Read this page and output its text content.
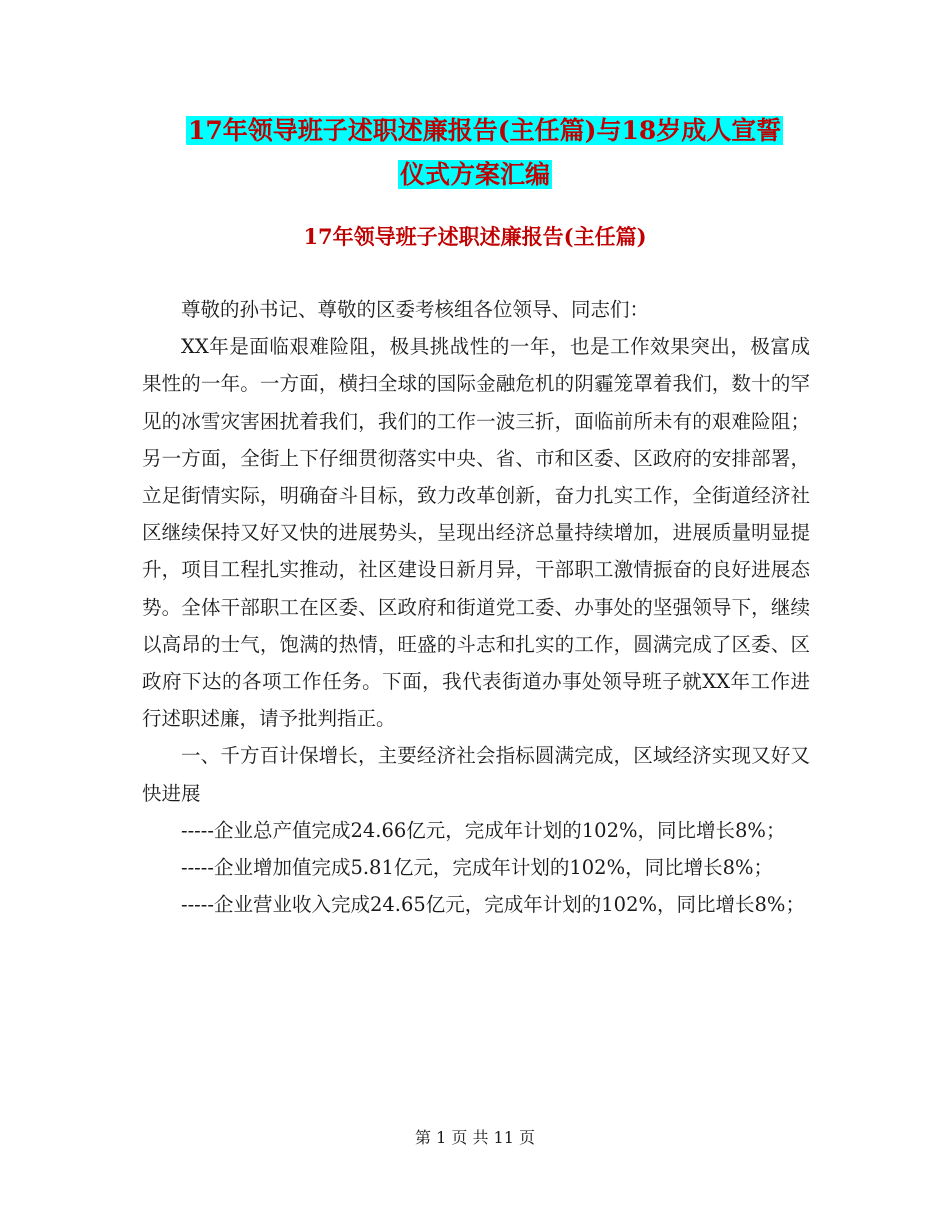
17年领导班子述职述廉报告(主任篇)与18岁成人宣誓
仪式方案汇编
17年领导班子述职述廉报告(主任篇)

尊敬的孙书记、尊敬的区委考核组各位领导、同志们：

XX年是面临艰难险阻，极具挑战性的一年，也是工作效果突出，极富成果性的一年。一方面，横扫全球的国际金融危机的阴霾笼罩着我们，数十的罕见的冰雪灾害困扰着我们，我们的工作一波三折，面临前所未有的艰难险阻；另一方面，全街上下仔细贯彻落实中央、省、市和区委、区政府的安排部署，立足街情实际，明确奋斗目标，致力改革创新，奋力扎实工作，全街道经济社区继续保持又好又快的进展势头，呈现出经济总量持续增加，进展质量明显提升，项目工程扎实推动，社区建设日新月异，干部职工激情振奋的良好进展态势。全体干部职工在区委、区政府和街道党工委、办事处的坚强领导下，继续以高昂的士气，饱满的热情，旺盛的斗志和扎实的工作，圆满完成了区委、区政府下达的各项工作任务。下面，我代表街道办事处领导班子就XX年工作进行述职述廉，请予批判指正。

一、千方百计保增长，主要经济社会指标圆满完成，区域经济实现又好又快进展

-----企业总产值完成24.66亿元，完成年计划的102%，同比增长8%；

-----企业增加值完成5.81亿元，完成年计划的102%，同比增长8%；

-----企业营业收入完成24.65亿元，完成年计划的102%，同比增长8%；

第 1 页 共 11 页
